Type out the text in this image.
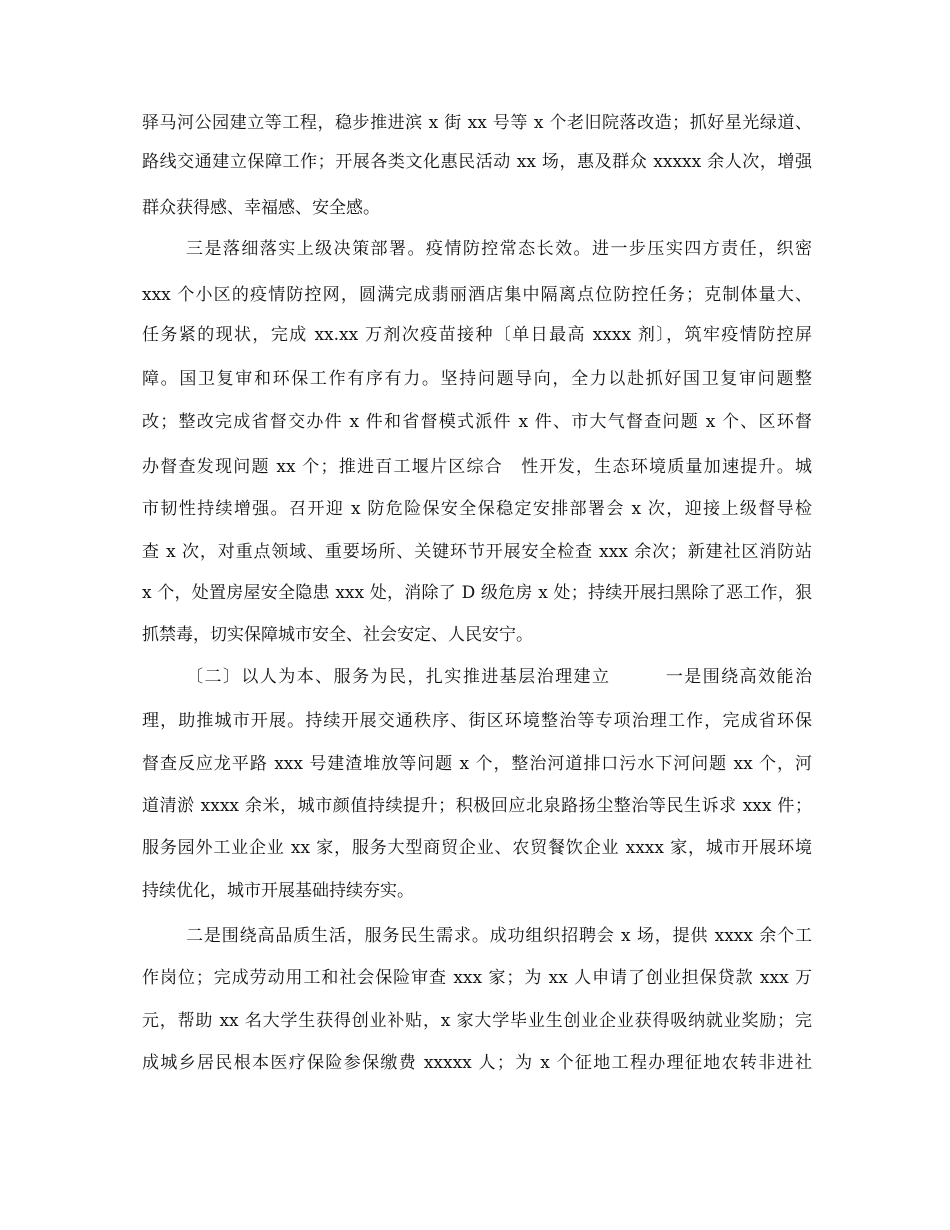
驿马河公园建立等工程，稳步推进滨 x 街 xx 号等 x 个老旧院落改造；抓好星光绿道、
路线交通建立保障工作；开展各类文化惠民活动 xx 场，惠及群众 xxxxx 余人次，增强
群众获得感、幸福感、安全感。
三是落细落实上级决策部署。疫情防控常态长效。进一步压实四方责任，织密
xxx 个小区的疫情防控网，圆满完成翡丽酒店集中隔离点位防控任务；克制体量大、
任务紧的现状，完成 xx.xx 万剂次疫苗接种〔单日最高 xxxx 剂〕，筑牢疫情防控屏
障。国卫复审和环保工作有序有力。坚持问题导向，全力以赴抓好国卫复审问题整
改；整改完成省督交办件 x 件和省督模式派件 x 件、市大气督查问题 x 个、区环督
办督查发现问题 xx 个；推进百工堰片区综合　性开发，生态环境质量加速提升。城
市韧性持续增强。召开迎 x 防危险保安全保稳定安排部署会 x 次，迎接上级督导检
查 x 次，对重点领域、重要场所、关键环节开展安全检查 xxx 余次；新建社区消防站
x 个，处置房屋安全隐患 xxx 处，消除了 D 级危房 x 处；持续开展扫黑除了恶工作，狠
抓禁毒，切实保障城市安全、社会安定、人民安宁。
〔二〕以人为本、服务为民，扎实推进基层治理建立　　　一是围绕高效能治
理，助推城市开展。持续开展交通秩序、街区环境整治等专项治理工作，完成省环保
督查反应龙平路 xxx 号建渣堆放等问题 x 个，整治河道排口污水下河问题 xx 个，河
道清淤 xxxx 余米，城市颜值持续提升；积极回应北泉路扬尘整治等民生诉求 xxx 件；
服务园外工业企业 xx 家，服务大型商贸企业、农贸餐饮企业 xxxx 家，城市开展环境
持续优化，城市开展基础持续夯实。
二是围绕高品质生活，服务民生需求。成功组织招聘会 x 场，提供 xxxx 余个工
作岗位；完成劳动用工和社会保险审查 xxx 家；为 xx 人申请了创业担保贷款 xxx 万
元，帮助 xx 名大学生获得创业补贴，x 家大学毕业生创业企业获得吸纳就业奖励；完
成城乡居民根本医疗保险参保缴费 xxxxx 人；为 x 个征地工程办理征地农转非进社
